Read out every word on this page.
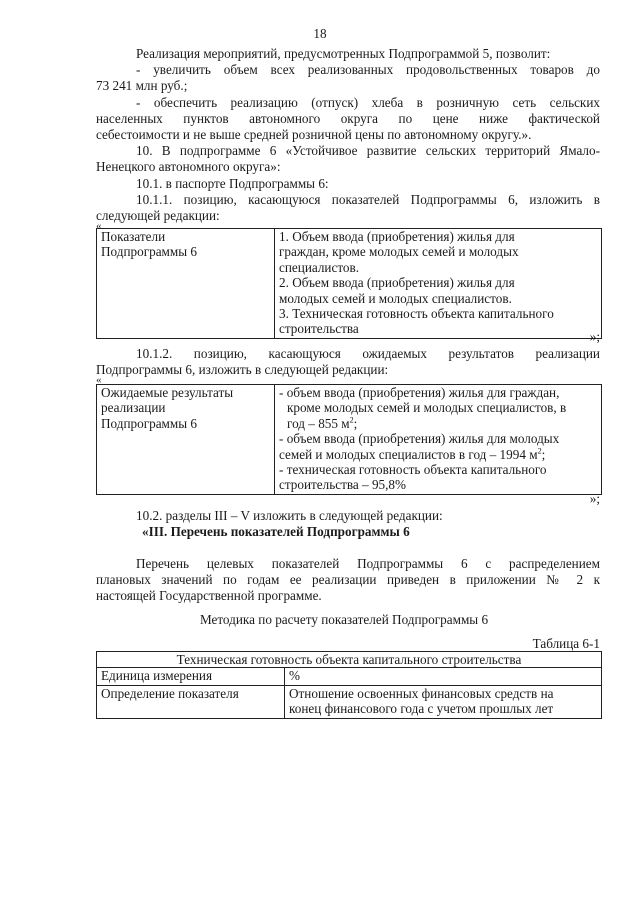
18
Реализация мероприятий, предусмотренных Подпрограммой 5, позволит:
- увеличить объем всех реализованных продовольственных товаров до
73 241 млн руб.;
- обеспечить реализацию (отпуск) хлеба в розничную сеть сельских
населенных пунктов автономного округа по цене ниже фактической
себестоимости и не выше средней розничной цены по автономному округу.».
10. В подпрограмме 6 «Устойчивое развитие сельских территорий Ямало-
Ненецкого автономного округа»:
10.1. в паспорте Подпрограммы 6:
10.1.1. позицию, касающуюся показателей Подпрограммы 6, изложить в
следующей редакции:
«
Показатели
Подпрограммы 6

1. Объем ввода (приобретения) жилья для
граждан, кроме молодых семей и молодых
специалистов.
2. Объем ввода (приобретения) жилья для
молодых семей и молодых специалистов.
3. Техническая готовность объекта капитального
строительства
»;
10.1.2. позицию, касающуюся ожидаемых результатов реализации
Подпрограммы 6, изложить в следующей редакции:
«
Ожидаемые результаты
реализации
Подпрограммы 6

- объем ввода (приобретения) жилья для граждан,
кроме молодых семей и молодых специалистов, в
год – 855 $м^2$;
- объем ввода (приобретения) жилья для молодых
семей и молодых специалистов в год – 1994 $м^2$;
- техническая готовность объекта капитального
строительства – 95,8%
»;
10.2. разделы III – V изложить в следующей редакции:
«III. Перечень показателей Подпрограммы 6
Перечень целевых показателей Подпрограммы 6 с распределением
плановых значений по годам ее реализации приведен в приложении № 2 к
настоящей Государственной программе.
Методика по расчету показателей Подпрограммы 6
Таблица 6-1
Техническая готовность объекта капитального строительства	
Единица измерения	%
Определение показателя	Отношение освоенных финансовых средств на
конец финансового года с учетом прошлых лет
